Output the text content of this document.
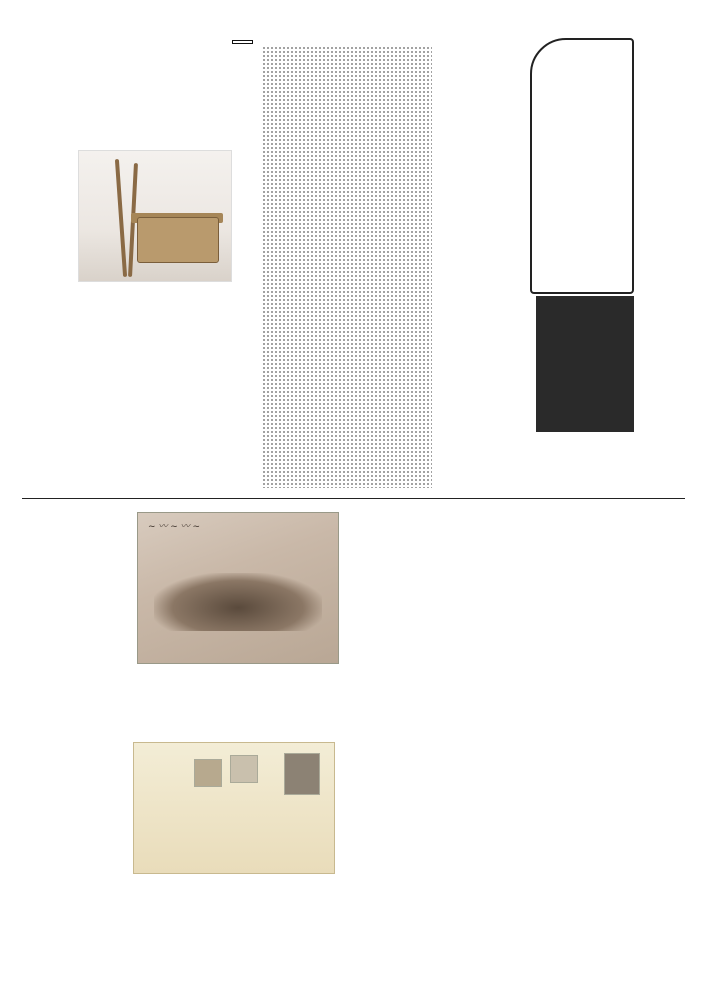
~ 〰 ~ 〰 ~
